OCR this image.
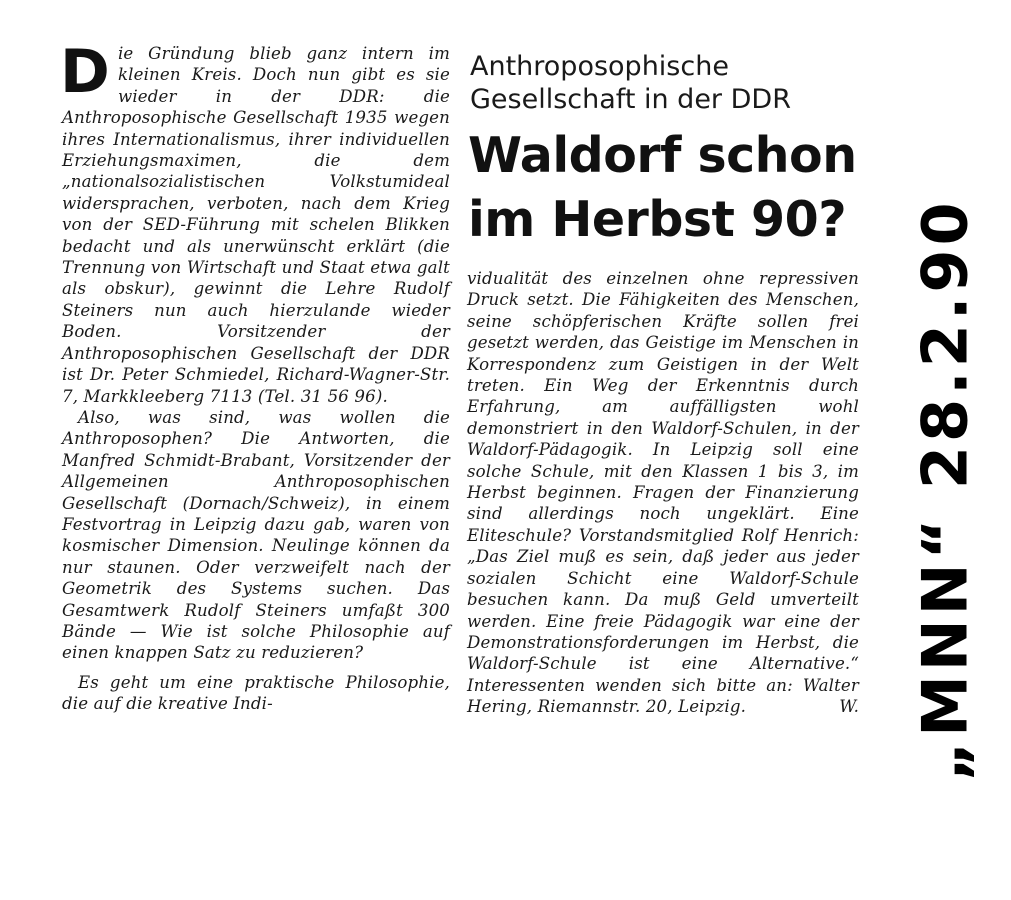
Anthroposophische
Gesellschaft in der DDR
Waldorf schon
im Herbst 90?

Die Gründung blieb ganz intern im kleinen Kreis. Doch nun gibt es sie wieder in der DDR: die Anthroposophische Gesellschaft 1935 wegen ihres Internationalismus, ihrer individuellen Erziehungsmaximen, die dem „nationalsozialistischen Volkstumideal widersprachen, verboten, nach dem Krieg von der SED-Führung mit schelen Blikken bedacht und als unerwünscht erklärt (die Trennung von Wirtschaft und Staat etwa galt als obskur), gewinnt die Lehre Rudolf Steiners nun auch hierzulande wieder Boden. Vorsitzender der Anthroposophischen Gesellschaft der DDR ist Dr. Peter Schmiedel, Richard-Wagner-Str. 7, Markkleeberg 7113 (Tel. 31 56 96).

Also, was sind, was wollen die Anthroposophen? Die Antworten, die Manfred Schmidt-Brabant, Vorsitzender der Allgemeinen Anthroposophischen Gesellschaft (Dornach/Schweiz), in einem Festvortrag in Leipzig dazu gab, waren von kosmischer Dimension. Neulinge können da nur staunen. Oder verzweifelt nach der Geometrik des Systems suchen. Das Gesamtwerk Rudolf Steiners umfaßt 300 Bände — Wie ist solche Philosophie auf einen knappen Satz zu reduzieren?

Es geht um eine praktische Philosophie, die auf die kreative Indi-

vidualität des einzelnen ohne repressiven Druck setzt. Die Fähigkeiten des Menschen, seine schöpferischen Kräfte sollen frei gesetzt werden, das Geistige im Menschen in Korrespondenz zum Geistigen in der Welt treten. Ein Weg der Erkenntnis durch Erfahrung, am auffälligsten wohl demonstriert in den Waldorf-Schulen, in der Waldorf-Pädagogik. In Leipzig soll eine solche Schule, mit den Klassen 1 bis 3, im Herbst beginnen. Fragen der Finanzierung sind allerdings noch ungeklärt. Eine Eliteschule? Vorstandsmitglied Rolf Henrich: „Das Ziel muß es sein, daß jeder aus jeder sozialen Schicht eine Waldorf-Schule besuchen kann. Da muß Geld umverteilt werden. Eine freie Pädagogik war eine der Demonstrationsforderungen im Herbst, die Waldorf-Schule ist eine Alternative.“ Interessenten wenden sich bitte an: Walter Hering, Riemannstr. 20, Leipzig.	W. „MNN“ 28.2.90
